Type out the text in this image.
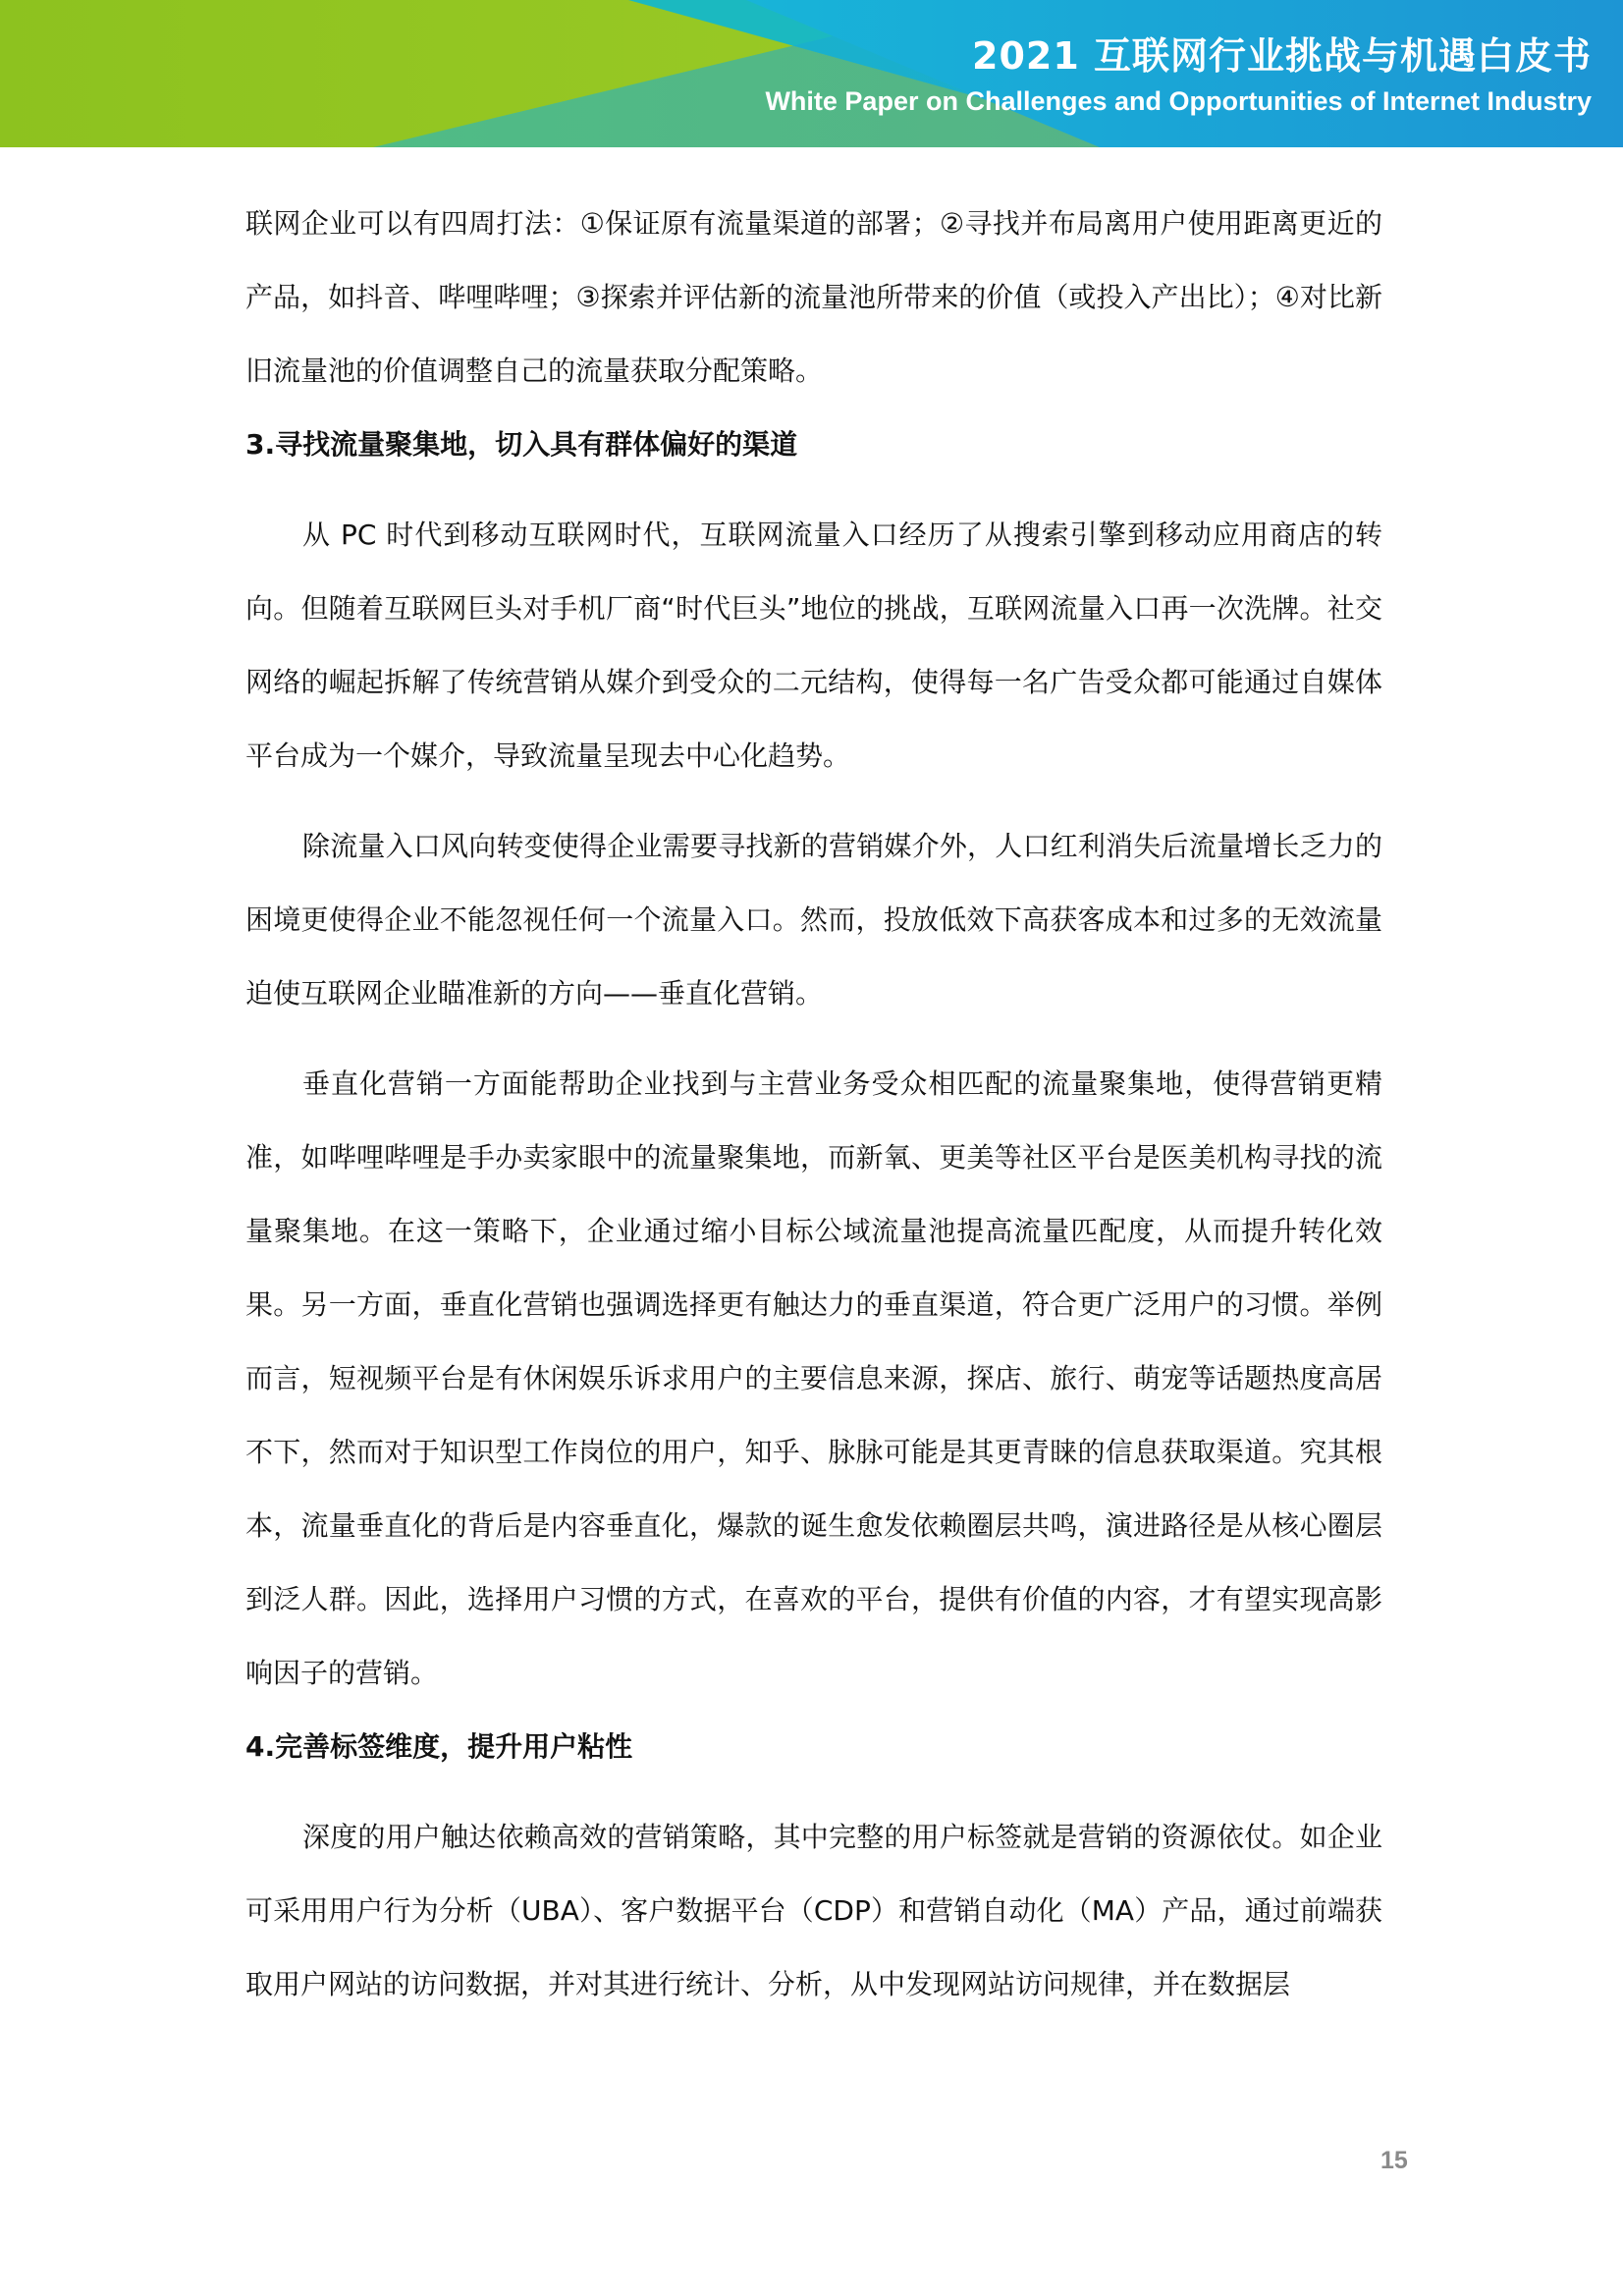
2021 互联网行业挑战与机遇白皮书
White Paper on Challenges and Opportunities of Internet Industry

联网企业可以有四周打法：①保证原有流量渠道的部署；②寻找并布局离用户使用距离更近的产品，如抖音、哔哩哔哩；③探索并评估新的流量池所带来的价值（或投入产出比）；④对比新旧流量池的价值调整自己的流量获取分配策略。

3.寻找流量聚集地，切入具有群体偏好的渠道

从 PC 时代到移动互联网时代，互联网流量入口经历了从搜索引擎到移动应用商店的转向。但随着互联网巨头对手机厂商“时代巨头”地位的挑战，互联网流量入口再一次洗牌。社交网络的崛起拆解了传统营销从媒介到受众的二元结构，使得每一名广告受众都可能通过自媒体平台成为一个媒介，导致流量呈现去中心化趋势。

除流量入口风向转变使得企业需要寻找新的营销媒介外，人口红利消失后流量增长乏力的困境更使得企业不能忽视任何一个流量入口。然而，投放低效下高获客成本和过多的无效流量迫使互联网企业瞄准新的方向——垂直化营销。

垂直化营销一方面能帮助企业找到与主营业务受众相匹配的流量聚集地，使得营销更精准，如哔哩哔哩是手办卖家眼中的流量聚集地，而新氧、更美等社区平台是医美机构寻找的流量聚集地。在这一策略下，企业通过缩小目标公域流量池提高流量匹配度，从而提升转化效果。另一方面，垂直化营销也强调选择更有触达力的垂直渠道，符合更广泛用户的习惯。举例而言，短视频平台是有休闲娱乐诉求用户的主要信息来源，探店、旅行、萌宠等话题热度高居不下，然而对于知识型工作岗位的用户，知乎、脉脉可能是其更青睐的信息获取渠道。究其根本，流量垂直化的背后是内容垂直化，爆款的诞生愈发依赖圈层共鸣，演进路径是从核心圈层到泛人群。因此，选择用户习惯的方式，在喜欢的平台，提供有价值的内容，才有望实现高影响因子的营销。

4.完善标签维度，提升用户粘性

深度的用户触达依赖高效的营销策略，其中完整的用户标签就是营销的资源依仗。如企业可采用用户行为分析（UBA）、客户数据平台（CDP）和营销自动化（MA）产品，通过前端获取用户网站的访问数据，并对其进行统计、分析，从中发现网站访问规律，并在数据层

15
